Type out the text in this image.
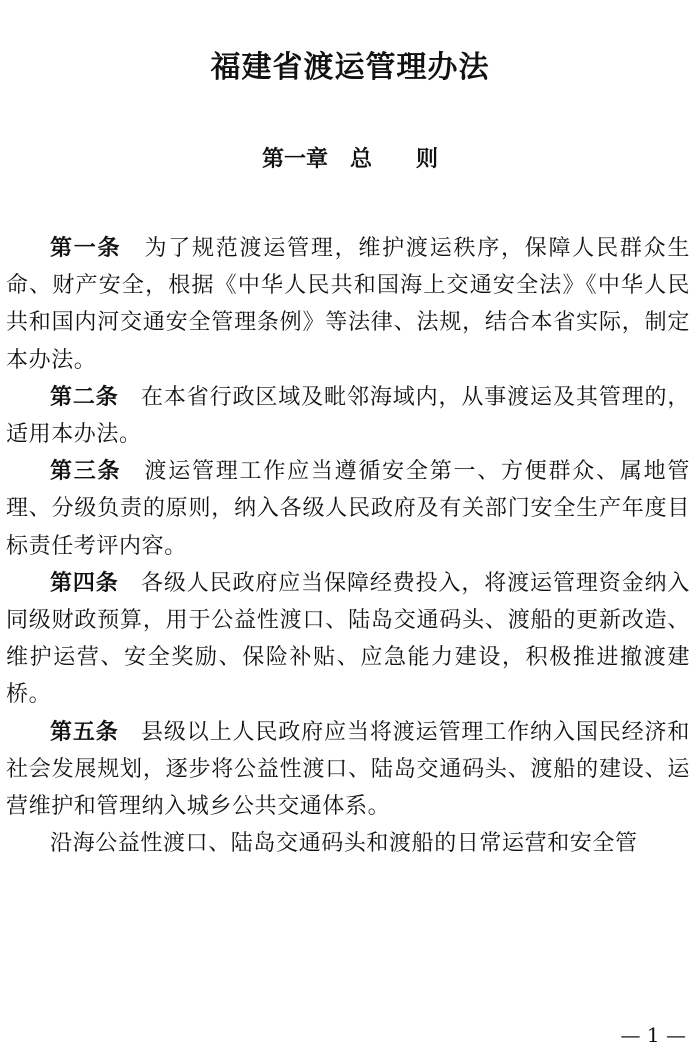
福建省渡运管理办法
第一章　总　　则

第一条 为了规范渡运管理，维护渡运秩序，保障人民群众生命、财产安全，根据《中华人民共和国海上交通安全法》《中华人民共和国内河交通安全管理条例》等法律、法规，结合本省实际，制定本办法。

第二条 在本省行政区域及毗邻海域内，从事渡运及其管理的，适用本办法。

第三条 渡运管理工作应当遵循安全第一、方便群众、属地管理、分级负责的原则，纳入各级人民政府及有关部门安全生产年度目标责任考评内容。

第四条 各级人民政府应当保障经费投入，将渡运管理资金纳入同级财政预算，用于公益性渡口、陆岛交通码头、渡船的更新改造、维护运营、安全奖励、保险补贴、应急能力建设，积极推进撤渡建桥。

第五条 县级以上人民政府应当将渡运管理工作纳入国民经济和社会发展规划，逐步将公益性渡口、陆岛交通码头、渡船的建设、运营维护和管理纳入城乡公共交通体系。

沿海公益性渡口、陆岛交通码头和渡船的日常运营和安全管

— 1 —
